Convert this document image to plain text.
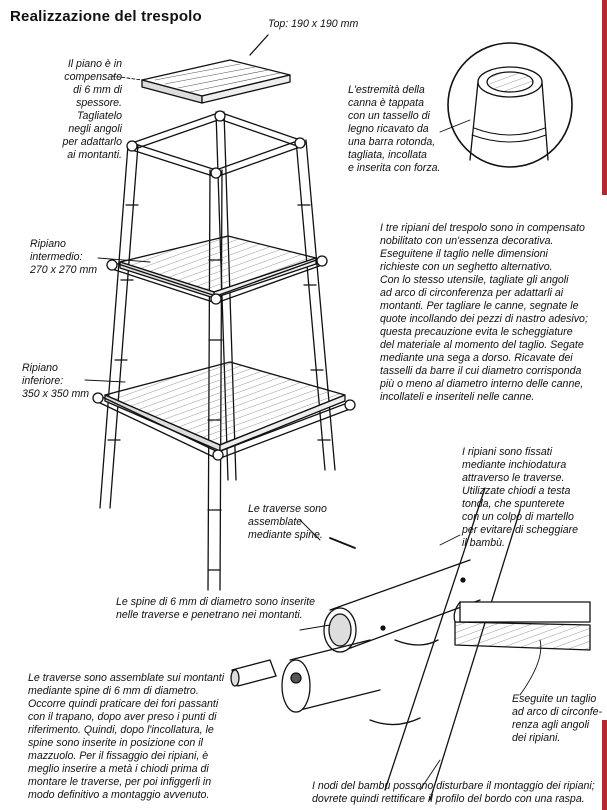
Realizzazione del trespolo	Top: 190 x 190 mm
Il piano è in
compensato
di 6 mm di
spessore.
Tagliatelo
negli angoli
per adattarlo
ai montanti.
L'estremità della
canna è tappata
con un tassello di
legno ricavato da
una barra rotonda,
tagliata, incollata
e inserita con forza.
Ripiano
intermedio:
270 x 270 mm
I tre ripiani del trespolo sono in compensato
nobilitato con un'essenza decorativa.
Eseguitene il taglio nelle dimensioni
richieste con un seghetto alternativo.
Con lo stesso utensile, tagliate gli angoli
ad arco di circonferenza per adattarli ai
montanti. Per tagliare le canne, segnate le
quote incollando dei pezzi di nastro adesivo;
questa precauzione evita le scheggiature
del materiale al momento del taglio. Segate
mediante una sega a dorso. Ricavate dei
tasselli da barre il cui diametro corrisponda
più o meno al diametro interno delle canne,
incollateli e inseriteli nelle canne.
Ripiano
inferiore:
350 x 350 mm
I ripiani sono fissati
mediante inchiodatura
attraverso le traverse.
Utilizzate chiodi a testa
tonda, che spunterete
con un colpo di martello
per evitare di scheggiare
il bambù.
Le traverse sono
assemblate
mediante spine.
Le spine di 6 mm di diametro sono inserite
nelle traverse e penetrano nei montanti.
Le traverse sono assemblate sui montanti
mediante spine di 6 mm di diametro.
Occorre quindi praticare dei fori passanti
con il trapano, dopo aver preso i punti di
riferimento. Quindi, dopo l'incollatura, le
spine sono inserite in posizione con il
mazzuolo. Per il fissaggio dei ripiani, è
meglio inserire a metà i chiodi prima di
montare le traverse, per poi infiggerli in
modo definitivo a montaggio avvenuto.
Eseguite un taglio
ad arco di circonfe-
renza agli angoli
dei ripiani.
I nodi del bambù possono disturbare il montaggio dei ripiani;
dovrete quindi rettificare il profilo del bordo con una raspa.
